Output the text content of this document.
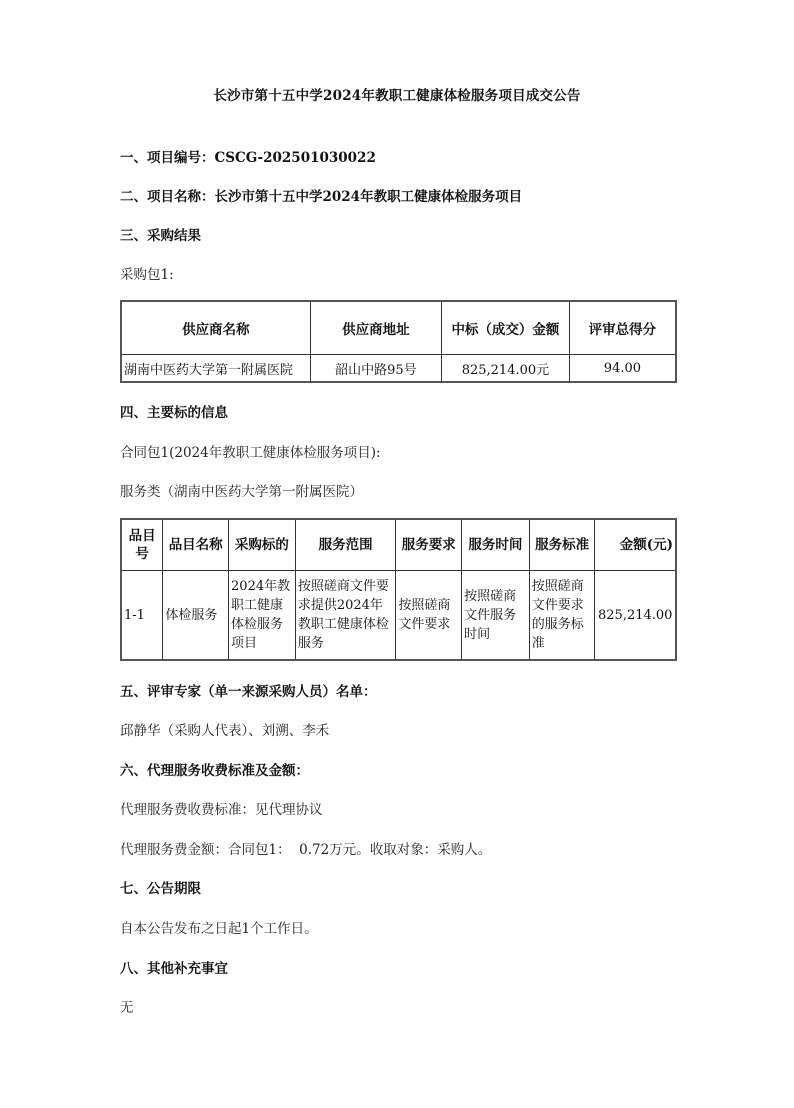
长沙市第十五中学2024年教职工健康体检服务项目成交公告
一、项目编号：CSCG-202501030022
二、项目名称：长沙市第十五中学2024年教职工健康体检服务项目
三、采购结果
采购包1:
供应商名称	供应商地址	中标（成交）金额	评审总得分
湖南中医药大学第一附属医院	韶山中路95号	825,214.00元	94.00
四、主要标的信息
合同包1(2024年教职工健康体检服务项目):
服务类（湖南中医药大学第一附属医院）
品目号	品目名称	采购标的	服务范围	服务要求	服务时间	服务标准	金额(元)
1-1	体检服务	2024年教职工健康体检服务项目	按照磋商文件要求提供2024年教职工健康体检服务	按照磋商文件要求	按照磋商文件服务时间	按照磋商文件要求的服务标准	825,214.00
五、评审专家（单一来源采购人员）名单：
邱静华（采购人代表）、刘溯、李禾
六、代理服务收费标准及金额：
代理服务费收费标准：见代理协议
代理服务费金额：合同包1：  0.72万元。收取对象：采购人。
七、公告期限
自本公告发布之日起1个工作日。
八、其他补充事宜
无
